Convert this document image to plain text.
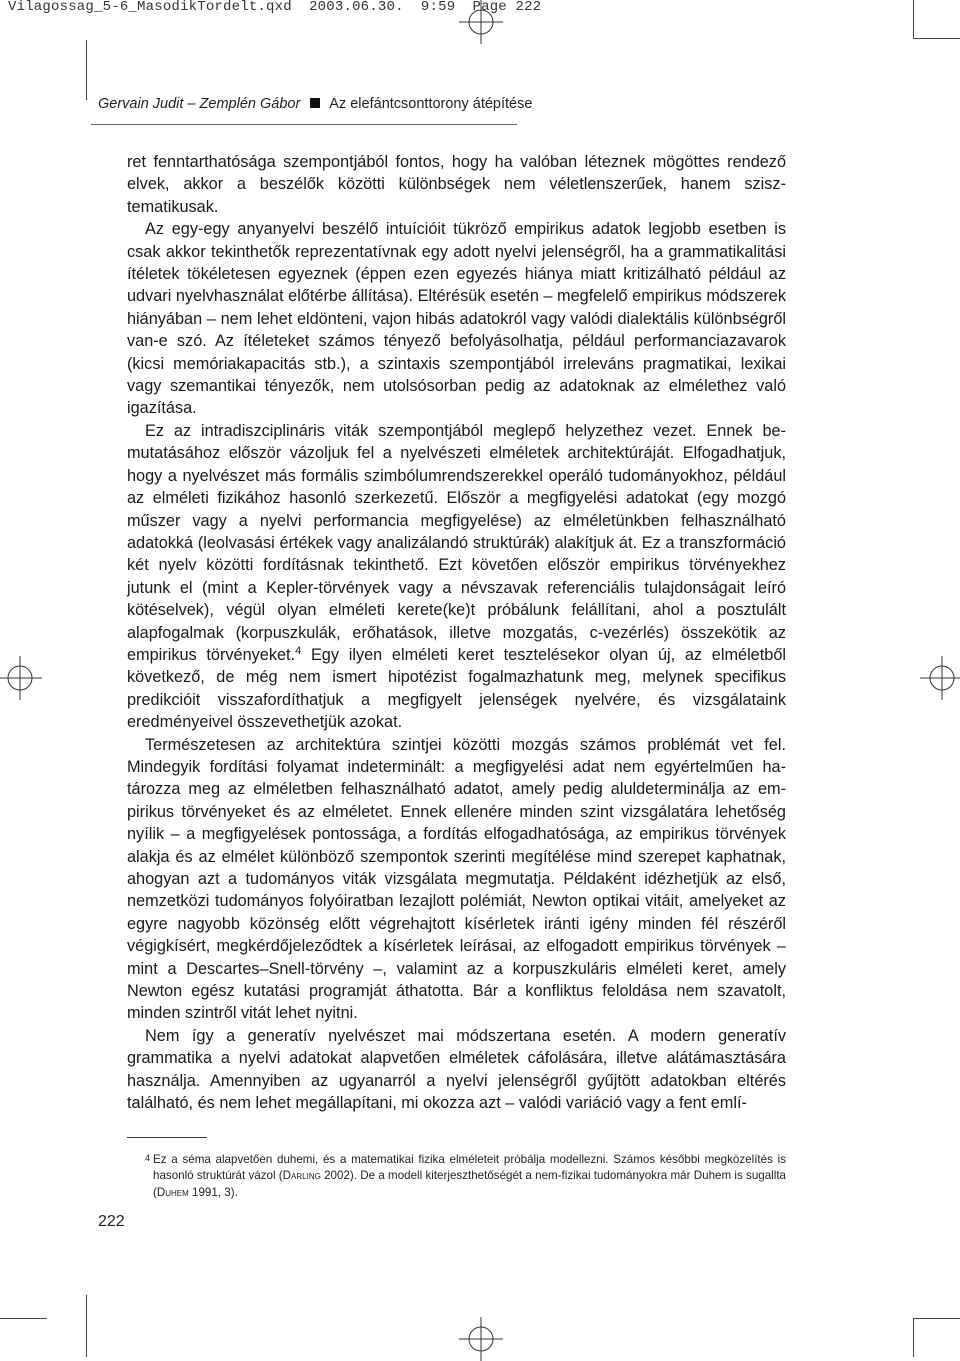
Vilagossag_5-6_MasodikTordelt.qxd 2003.06.30. 9:59 Page 222
Gervain Judit – Zemplén Gábor Az elefántcsonttorony átépítése

ret fenntarthatósága szempontjából fontos, hogy ha valóban léteznek mögöttes rendező elvek, akkor a beszélők közötti különbségek nem véletlenszerűek, hanem szisztematikusak.

Az egy-egy anyanyelvi beszélő intuícióit tükröző empirikus adatok legjobb esetben is csak akkor tekinthetők reprezentatívnak egy adott nyelvi jelenségről, ha a grammatikalitási ítéletek tökéletesen egyeznek (éppen ezen egyezés hiánya miatt kritizálható például az udvari nyelvhasználat előtérbe állítása). Eltérésük esetén – megfelelő empirikus módszerek hiányában – nem lehet eldönteni, vajon hibás adatokról vagy valódi dialektális különbségről van-e szó. Az ítéleteket számos tényező befolyásolhatja, például performanciazavarok (kicsi memóriakapacitás stb.), a szintaxis szempontjából irreleváns pragmatikai, lexikai vagy szemantikai tényezők, nem utolsósorban pedig az adatoknak az elmélethez való igazítása.

Ez az intradiszciplináris viták szempontjából meglepő helyzethez vezet. Ennek bemutatásához először vázoljuk fel a nyelvészeti elméletek architektúráját. Elfogadhatjuk, hogy a nyelvészet más formális szimbólumrendszerekkel operáló tudományokhoz, például az elméleti fizikához hasonló szerkezetű. Először a megfigyelési adatokat (egy mozgó műszer vagy a nyelvi performancia megfigyelése) az elméletünkben felhasználható adatokká (leolvasási értékek vagy analizálandó struktúrák) alakítjuk át. Ez a transzformáció két nyelv közötti fordításnak tekinthető. Ezt követően először empirikus törvényekhez jutunk el (mint a Kepler-törvények vagy a névszavak referenciális tulajdonságait leíró kötéselvek), végül olyan elméleti kerete(ke)t próbálunk felállítani, ahol a posztulált alapfogalmak (korpuszkulák, erőhatások, illetve mozgatás, c-vezérlés) összekötik az empirikus törvényeket.$^4$ Egy ilyen elméleti keret tesztelésekor olyan új, az elméletből következő, de még nem ismert hipotézist fogalmazhatunk meg, melynek specifikus predikcióit visszafordíthatjuk a megfigyelt jelenségek nyelvére, és vizsgálataink eredményeivel összevethetjük azokat.

Természetesen az architektúra szintjei közötti mozgás számos problémát vet fel. Mindegyik fordítási folyamat indeterminált: a megfigyelési adat nem egyértelműen határozza meg az elméletben felhasználható adatot, amely pedig aluldeterminálja az empirikus törvényeket és az elméletet. Ennek ellenére minden szint vizsgálatára lehetőség nyílik – a megfigyelések pontossága, a fordítás elfogadhatósága, az empirikus törvények alakja és az elmélet különböző szempontok szerinti megítélése mind szerepet kaphatnak, ahogyan azt a tudományos viták vizsgálata megmutatja. Példaként idézhetjük az első, nemzetközi tudományos folyóiratban lezajlott polémiát, Newton optikai vitáit, amelyeket az egyre nagyobb közönség előtt végrehajtott kísérletek iránti igény minden fél részéről végigkísért, megkérdőjeleződtek a kísérletek leírásai, az elfogadott empirikus törvények – mint a Descartes–Snell-törvény –, valamint az a korpuszkuláris elméleti keret, amely Newton egész kutatási programját áthatotta. Bár a konfliktus feloldása nem szavatolt, minden szintről vitát lehet nyitni.

Nem így a generatív nyelvészet mai módszertana esetén. A modern generatív grammatika a nyelvi adatokat alapvetően elméletek cáfolására, illetve alátámasztására használja. Amennyiben az ugyanarról a nyelvi jelenségről gyűjtött adatokban eltérés található, és nem lehet megállapítani, mi okozza azt – valódi variáció vagy a fent emlí-

4 Ez a séma alapvetően duhemi, és a matematikai fizika elméleteit próbálja modellezni. Számos későbbi megközelítés is hasonló struktúrát vázol (Darling 2002). De a modell kiterjeszthetőségét a nem-fizikai tudományokra már Duhem is sugallta (Duhem 1991, 3).
222
